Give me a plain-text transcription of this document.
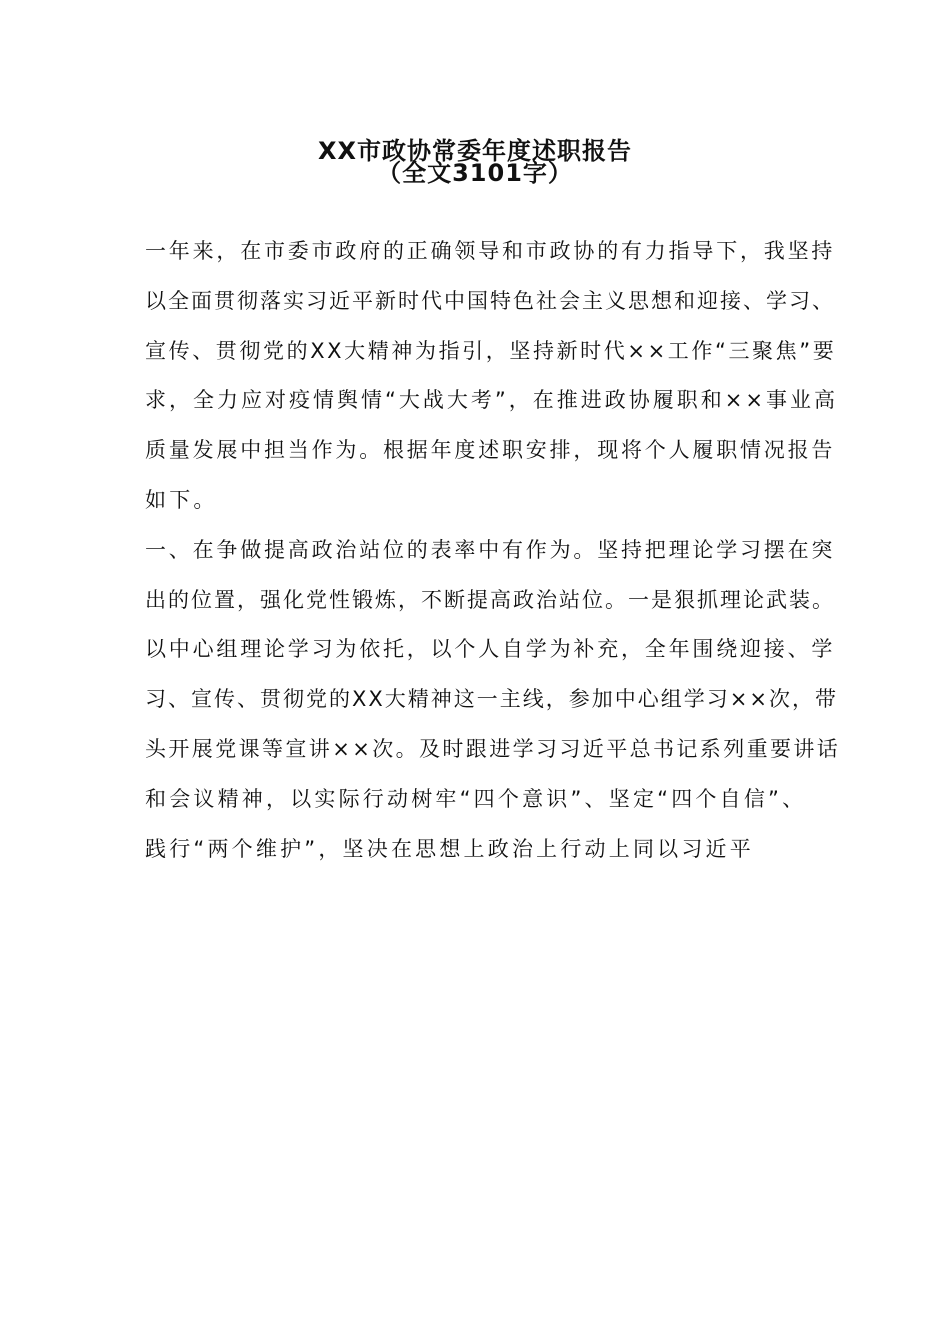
XX市政协常委年度述职报告
（全文3101字）
一年来，在市委市政府的正确领导和市政协的有力指导下，我坚持
以全面贯彻落实习近平新时代中国特色社会主义思想和迎接、学习、
宣传、贯彻党的XX大精神为指引，坚持新时代××工作“三聚焦”要
求，全力应对疫情舆情“大战大考”，在推进政协履职和××事业高
质量发展中担当作为。根据年度述职安排，现将个人履职情况报告
如下。
一、在争做提高政治站位的表率中有作为。坚持把理论学习摆在突
出的位置，强化党性锻炼，不断提高政治站位。一是狠抓理论武装。
以中心组理论学习为依托，以个人自学为补充，全年围绕迎接、学
习、宣传、贯彻党的XX大精神这一主线，参加中心组学习××次，带
头开展党课等宣讲××次。及时跟进学习习近平总书记系列重要讲话
和会议精神，以实际行动树牢“四个意识”、坚定“四个自信”、
践行“两个维护”，坚决在思想上政治上行动上同以习近平
